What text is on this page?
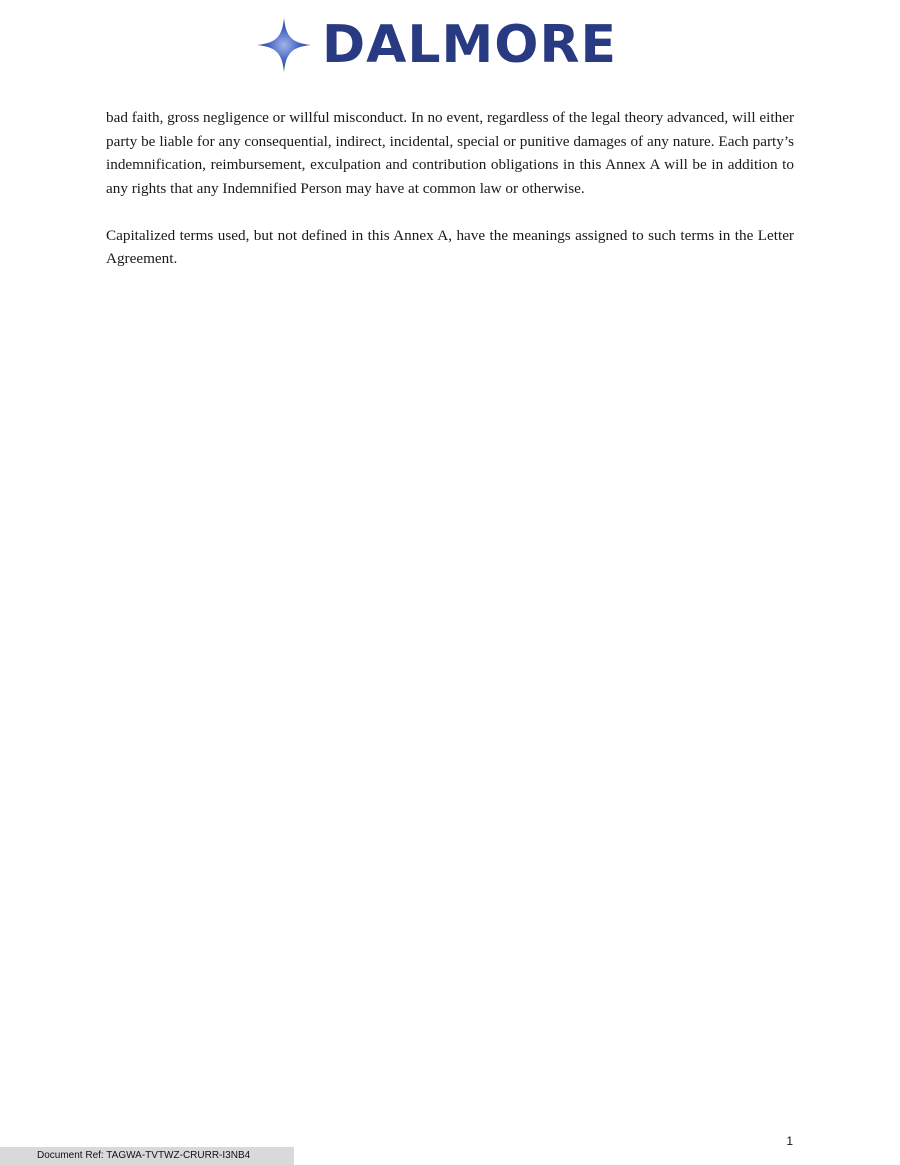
DALMORE

bad faith, gross negligence or willful misconduct. In no event, regardless of the legal theory advanced, will either party be liable for any consequential, indirect, incidental, special or punitive damages of any nature. Each party’s indemnification, reimbursement, exculpation and contribution obligations in this Annex A will be in addition to any rights that any Indemnified Person may have at common law or otherwise.

Capitalized terms used, but not defined in this Annex A, have the meanings assigned to such terms in the Letter Agreement.

1
Document Ref: TAGWA-TVTWZ-CRURR-I3NB4
